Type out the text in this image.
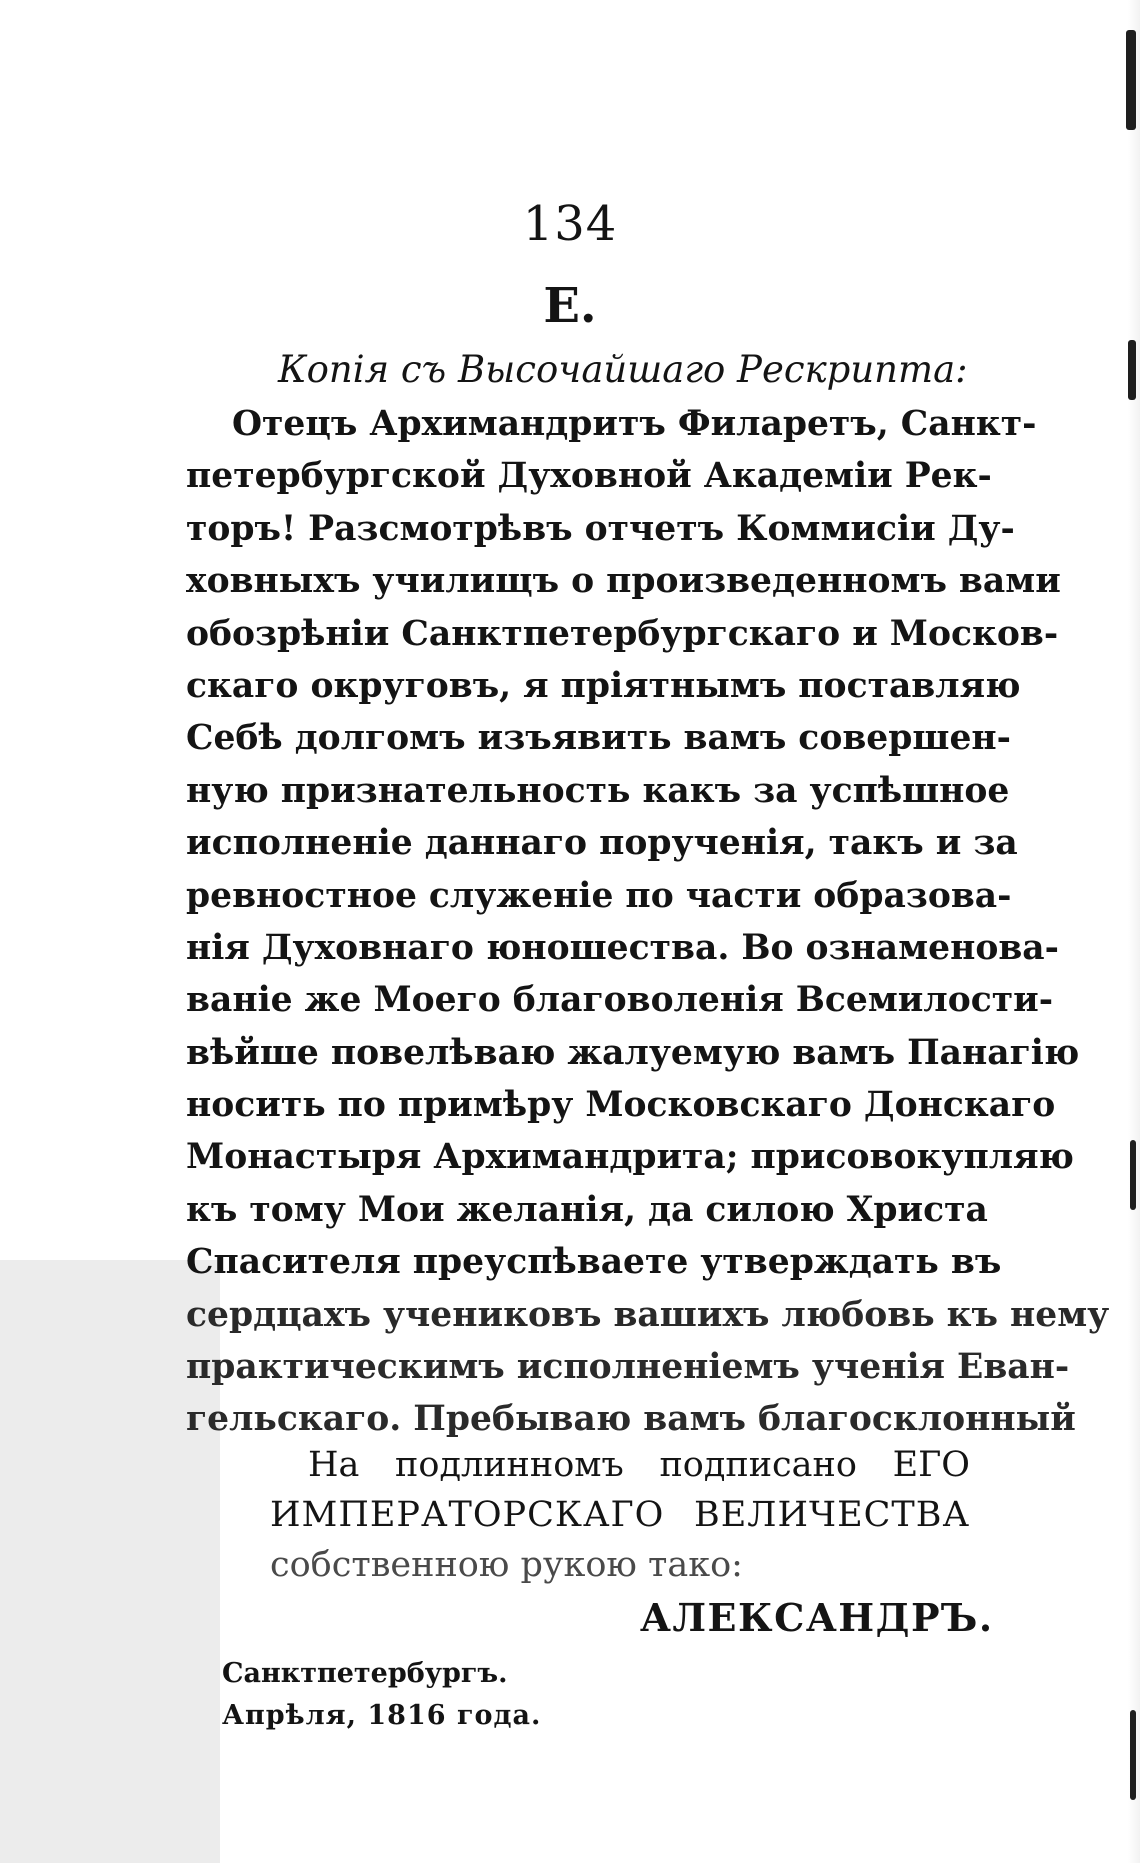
134
Е.
Копія съ Высочайшаго Рескрипта:
Отецъ Архимандритъ Филаретъ, Санкт-
петербургской Духовной Академіи Рек-
торъ! Разсмотрѣвъ отчетъ Коммисіи Ду-
ховныхъ училищъ о произведенномъ вами
обозрѣніи Санктпетербургскаго и Москов-
скаго округовъ, я пріятнымъ поставляю
Себѣ долгомъ изъявить вамъ совершен-
ную признательность какъ за успѣшное
исполненіе даннаго порученія, такъ и за
ревностное служеніе по части образова-
нія Духовнаго юношества. Во ознаменова-
ваніе же Моего благоволенія Всемилости-
вѣйше повелѣваю жалуемую вамъ Панагію
носить по примѣру Московскаго Донскаго
Монастыря Архимандрита; присовокупляю
къ тому Мои желанія, да силою Христа
Спасителя преуспѣваете утверждать въ
сердцахъ учениковъ вашихъ любовь къ нему
практическимъ исполненіемъ ученія Еван-
гельскаго. Пребываю вамъ благосклонный
На подлинномъ подписано ЕГО
ИМПЕРАТОРСКАГО ВЕЛИЧЕСТВА
собственною рукою тако:
АЛЕКСАНДРЪ.
Санктпетербургъ.
Апрѣля, 1816 года.
